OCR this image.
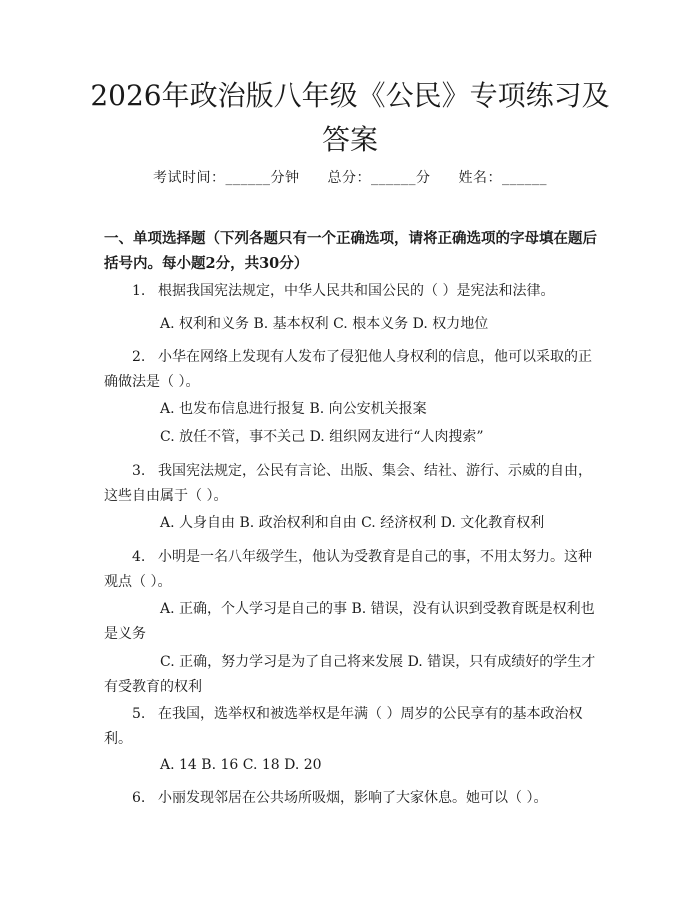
2026年政治版八年级《公民》专项练习及答案
考试时间：______分钟 总分：______分 姓名：______
一、单项选择题（下列各题只有一个正确选项，请将正确选项的字母填在题后括号内。每小题2分，共30分）
1. 根据我国宪法规定，中华人民共和国公民的（ ）是宪法和法律。
A. 权利和义务 B. 基本权利 C. 根本义务 D. 权力地位
2. 小华在网络上发现有人发布了侵犯他人身权利的信息，他可以采取的正确做法是（ ）。
A. 也发布信息进行报复 B. 向公安机关报案
C. 放任不管，事不关己 D. 组织网友进行“人肉搜索”
3. 我国宪法规定，公民有言论、出版、集会、结社、游行、示威的自由，这些自由属于（ ）。
A. 人身自由 B. 政治权利和自由 C. 经济权利 D. 文化教育权利
4. 小明是一名八年级学生，他认为受教育是自己的事，不用太努力。这种观点（ ）。
A. 正确，个人学习是自己的事 B. 错误，没有认识到受教育既是权利也是义务
C. 正确，努力学习是为了自己将来发展 D. 错误，只有成绩好的学生才有受教育的权利
5. 在我国，选举权和被选举权是年满（ ）周岁的公民享有的基本政治权利。
A. 14 B. 16 C. 18 D. 20
6. 小丽发现邻居在公共场所吸烟，影响了大家休息。她可以（ ）。
